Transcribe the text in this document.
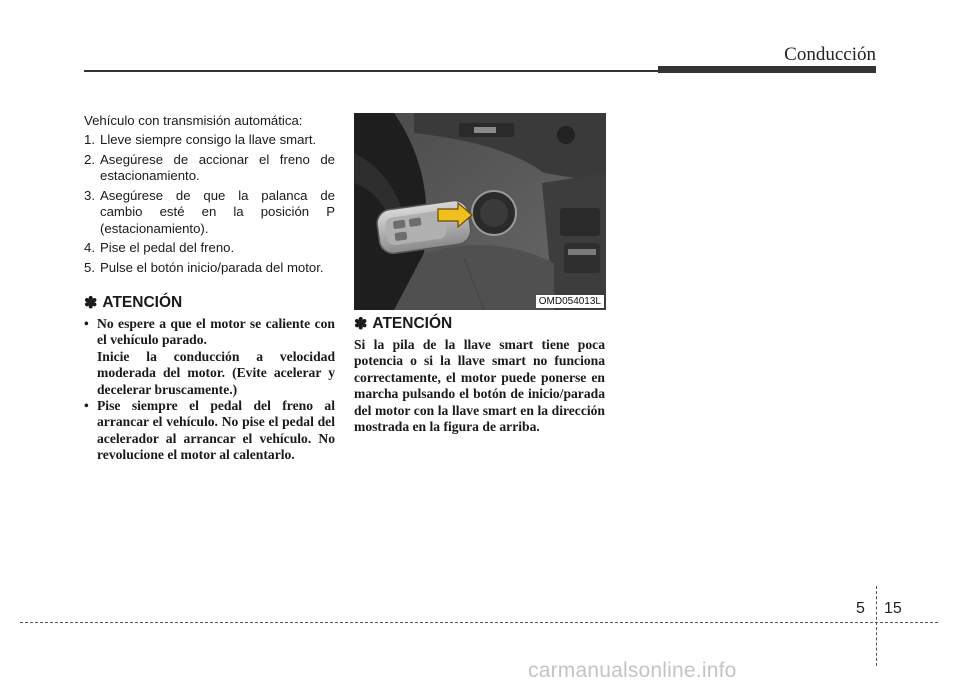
Conducción

Vehículo con transmisión automática:

1. Lleve siempre consigo la llave smart.
2. Asegúrese de accionar el freno de estacionamiento.
3. Asegúrese de que la palanca de cambio esté en la posición P (estacionamiento).
4. Pise el pedal del freno.
5. Pulse el botón inicio/parada del motor.
✽ ATENCIÓN
• No espere a que el motor se caliente con el vehículo parado.
Inicie la conducción a velocidad moderada del motor. (Evite acelerar y decelerar bruscamente.)
• Pise siempre el pedal del freno al arrancar el vehículo. No pise el pedal del acelerador al arrancar el vehículo. No revolucione el motor al calentarlo.
OMD054013L
✽ ATENCIÓN

Si la pila de la llave smart tiene poca potencia o si la llave smart no funciona correctamente, el motor puede ponerse en marcha pulsando el botón de inicio/parada del motor con la llave smart en la dirección mostrada en la figura de arriba.

5 15
carmanualsonline.info
